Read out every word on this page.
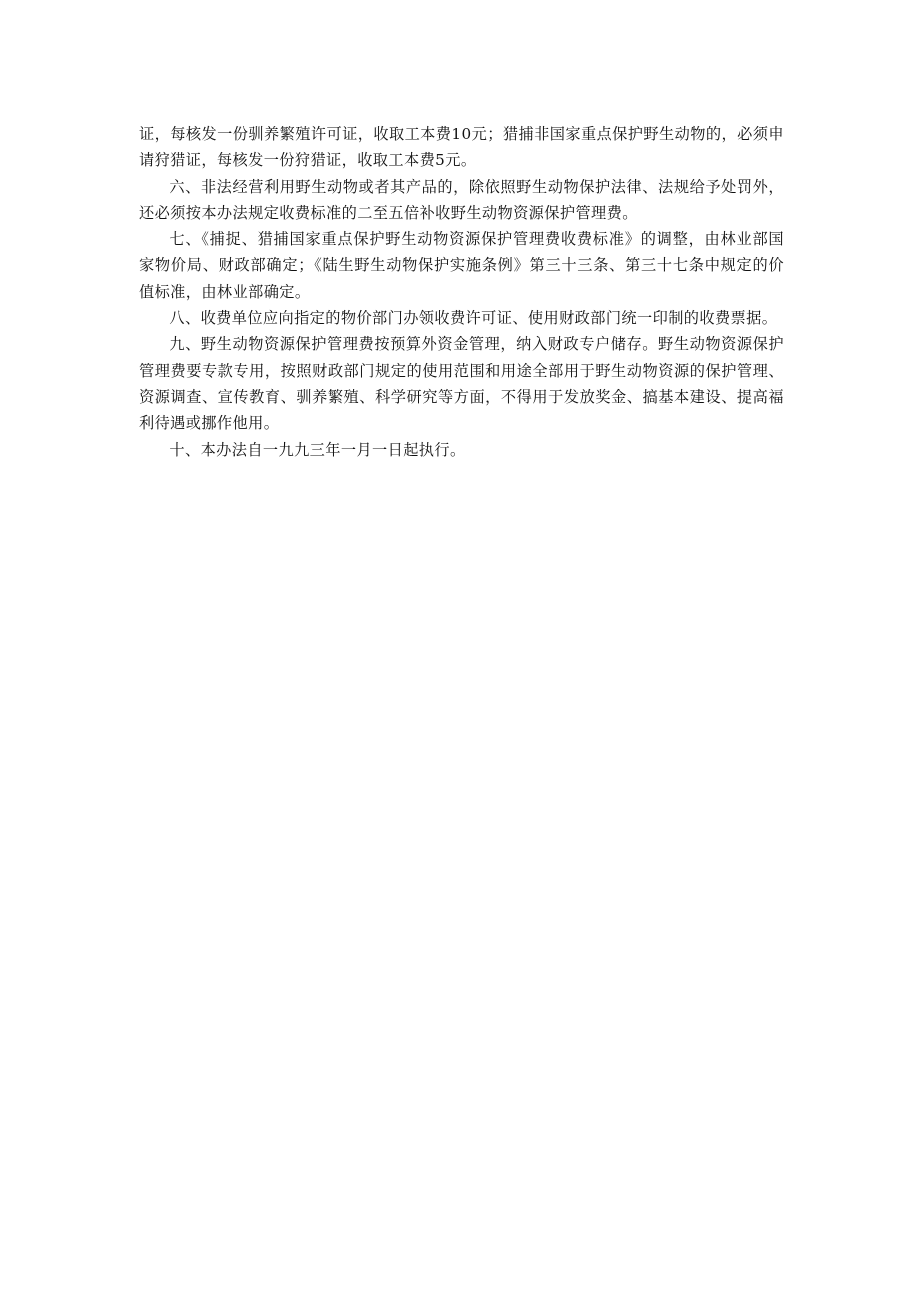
证，每核发一份驯养繁殖许可证，收取工本费10元；猎捕非国家重点保护野生动物的，必须申请狩猎证，每核发一份狩猎证，收取工本费5元。

六、非法经营利用野生动物或者其产品的，除依照野生动物保护法律、法规给予处罚外，还必须按本办法规定收费标准的二至五倍补收野生动物资源保护管理费。

七、《捕捉、猎捕国家重点保护野生动物资源保护管理费收费标准》的调整，由林业部国家物价局、财政部确定；《陆生野生动物保护实施条例》第三十三条、第三十七条中规定的价值标准，由林业部确定。

八、收费单位应向指定的物价部门办领收费许可证、使用财政部门统一印制的收费票据。

九、野生动物资源保护管理费按预算外资金管理，纳入财政专户储存。野生动物资源保护管理费要专款专用，按照财政部门规定的使用范围和用途全部用于野生动物资源的保护管理、资源调查、宣传教育、驯养繁殖、科学研究等方面，不得用于发放奖金、搞基本建设、提高福利待遇或挪作他用。

十、本办法自一九九三年一月一日起执行。
